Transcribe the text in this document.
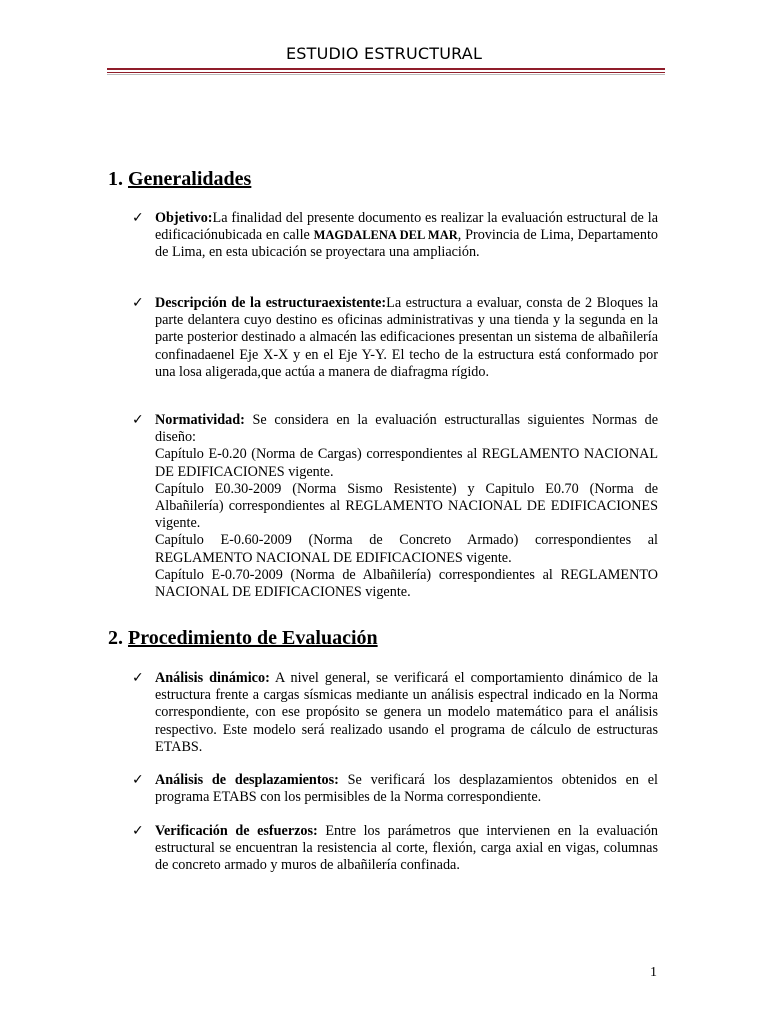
ESTUDIO ESTRUCTURAL
1. Generalidades
✓ Objetivo:La finalidad del presente documento es realizar la evaluación estructural de la edificaciónubicada en calle MAGDALENA DEL MAR, Provincia de Lima, Departamento de Lima, en esta ubicación se proyectara una ampliación.
✓ Descripción de la estructuraexistente:La estructura a evaluar, consta de 2 Bloques la parte delantera cuyo destino es oficinas administrativas y una tienda y la segunda en la parte posterior destinado a almacén las edificaciones presentan un sistema de albañilería confinadaenel Eje X-X y en el Eje Y-Y. El techo de la estructura está conformado por una losa aligerada,que actúa a manera de diafragma rígido.
✓ Normatividad: Se considera en la evaluación estructurallas siguientes Normas de diseño:

Capítulo E-0.20 (Norma de Cargas) correspondientes al REGLAMENTO NACIONAL DE EDIFICACIONES vigente.

Capítulo E0.30-2009 (Norma Sismo Resistente) y Capitulo E0.70 (Norma de Albañilería) correspondientes al REGLAMENTO NACIONAL DE EDIFICACIONES vigente.

Capítulo E-0.60-2009 (Norma de Concreto Armado) correspondientes al REGLAMENTO NACIONAL DE EDIFICACIONES vigente.

Capítulo E-0.70-2009 (Norma de Albañilería) correspondientes al REGLAMENTO NACIONAL DE EDIFICACIONES vigente.

2. Procedimiento de Evaluación
✓ Análisis dinámico: A nivel general, se verificará el comportamiento dinámico de la estructura frente a cargas sísmicas mediante un análisis espectral indicado en la Norma correspondiente, con ese propósito se genera un modelo matemático para el análisis respectivo. Este modelo será realizado usando el programa de cálculo de estructuras ETABS.
✓ Análisis de desplazamientos: Se verificará los desplazamientos obtenidos en el programa ETABS con los permisibles de la Norma correspondiente.
✓ Verificación de esfuerzos: Entre los parámetros que intervienen en la evaluación estructural se encuentran la resistencia al corte, flexión, carga axial en vigas, columnas de concreto armado y muros de albañilería confinada.
1
